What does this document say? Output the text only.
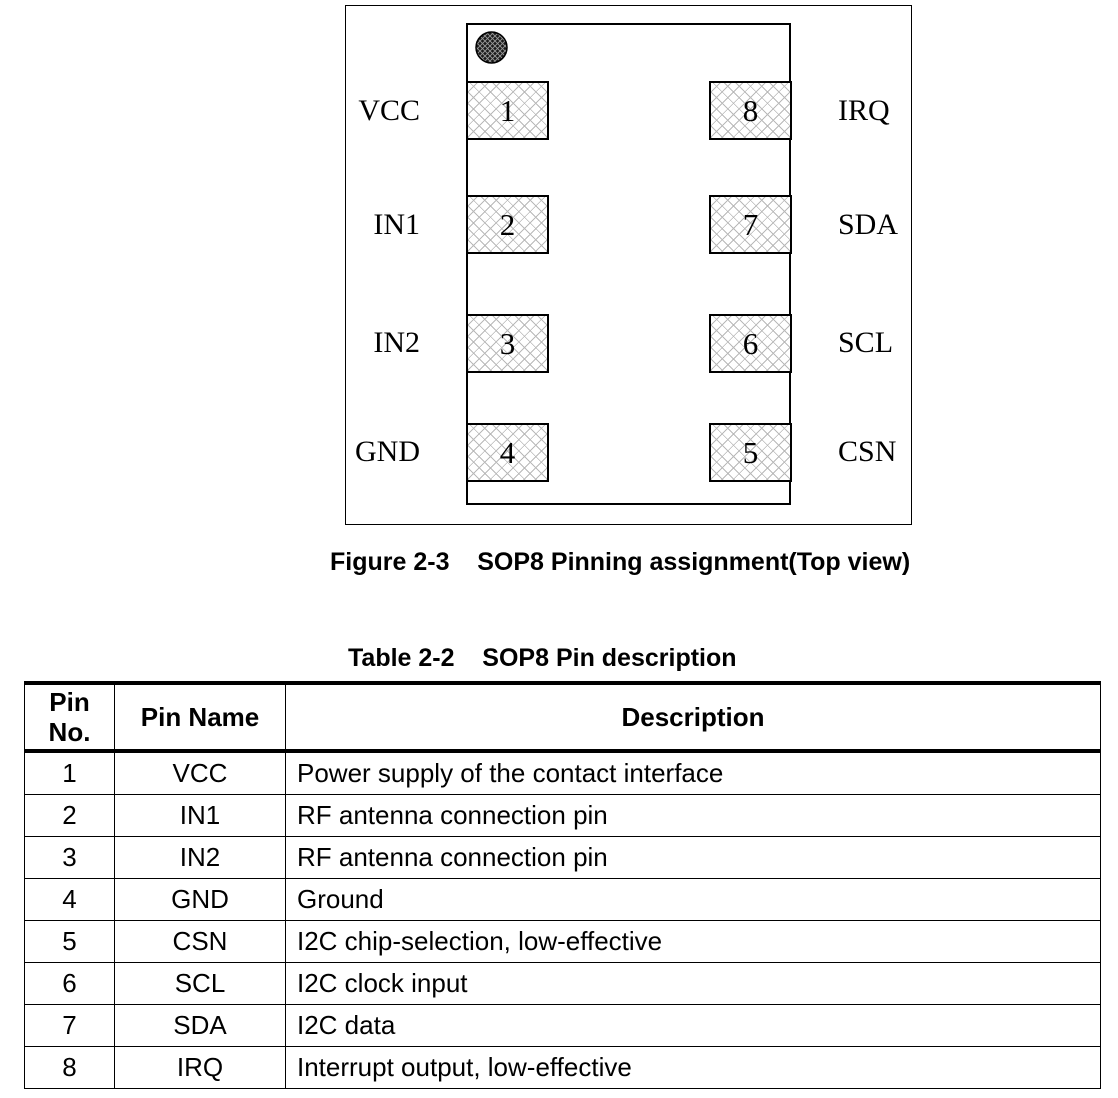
1
2
3
4	5
6
7
8
VCC
IN1
IN2
GND	CSN
SCL
SDA
IRQ
Figure 2-3    SOP8 Pinning assignment(Top view)
Table 2-2    SOP8 Pin description
Pin
No.	Pin Name	Description
1	VCC	Power supply of the contact interface
2	IN1	RF antenna connection pin
3	IN2	RF antenna connection pin
4	GND	Ground
5	CSN	I2C chip-selection, low-effective
6	SCL	I2C clock input
7	SDA	I2C data
8	IRQ	Interrupt output, low-effective
